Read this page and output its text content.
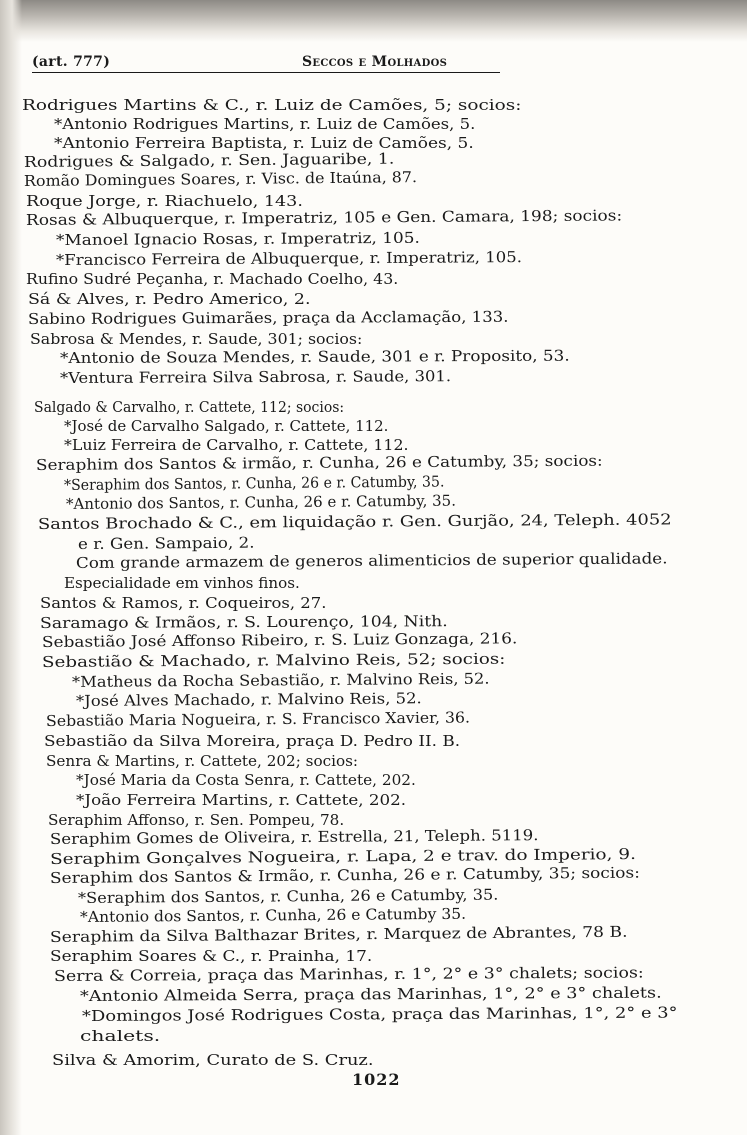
(art. 777)	Seccos e Molhados
Rodrigues Martins & C., r. Luiz de Camões, 5; socios:
*Antonio Rodrigues Martins, r. Luiz de Camões, 5.
*Antonio Ferreira Baptista, r. Luiz de Camões, 5.
Rodrigues & Salgado, r. Sen. Jaguaribe, 1.
Romão Domingues Soares, r. Visc. de Itaúna, 87.
Roque Jorge, r. Riachuelo, 143.
Rosas & Albuquerque, r. Imperatriz, 105 e Gen. Camara, 198; socios:
*Manoel Ignacio Rosas, r. Imperatriz, 105.
*Francisco Ferreira de Albuquerque, r. Imperatriz, 105.
Rufino Sudré Peçanha, r. Machado Coelho, 43.
Sá & Alves, r. Pedro Americo, 2.
Sabino Rodrigues Guimarães, praça da Acclamação, 133.
Sabrosa & Mendes, r. Saude, 301; socios:
*Antonio de Souza Mendes, r. Saude, 301 e r. Proposito, 53.
*Ventura Ferreira Silva Sabrosa, r. Saude, 301.
Salgado & Carvalho, r. Cattete, 112; socios:
*José de Carvalho Salgado, r. Cattete, 112.
*Luiz Ferreira de Carvalho, r. Cattete, 112.
Seraphim dos Santos & irmão, r. Cunha, 26 e Catumby, 35; socios:
*Seraphim dos Santos, r. Cunha, 26 e r. Catumby, 35.
*Antonio dos Santos, r. Cunha, 26 e r. Catumby, 35.
Santos Brochado & C., em liquidação r. Gen. Gurjão, 24, Teleph. 4052
e r. Gen. Sampaio, 2.
Com grande armazem de generos alimenticios de superior qualidade.
Especialidade em vinhos finos.
Santos & Ramos, r. Coqueiros, 27.
Saramago & Irmãos, r. S. Lourenço, 104, Nith.
Sebastião José Affonso Ribeiro, r. S. Luiz Gonzaga, 216.
Sebastião & Machado, r. Malvino Reis, 52; socios:
*Matheus da Rocha Sebastião, r. Malvino Reis, 52.
*José Alves Machado, r. Malvino Reis, 52.
Sebastião Maria Nogueira, r. S. Francisco Xavier, 36.
Sebastião da Silva Moreira, praça D. Pedro II. B.
Senra & Martins, r. Cattete, 202; socios:
*José Maria da Costa Senra, r. Cattete, 202.
*João Ferreira Martins, r. Cattete, 202.
Seraphim Affonso, r. Sen. Pompeu, 78.
Seraphim Gomes de Oliveira, r. Estrella, 21, Teleph. 5119.
Seraphim Gonçalves Nogueira, r. Lapa, 2 e trav. do Imperio, 9.
Seraphim dos Santos & Irmão, r. Cunha, 26 e r. Catumby, 35; socios:
*Seraphim dos Santos, r. Cunha, 26 e Catumby, 35.
*Antonio dos Santos, r. Cunha, 26 e Catumby 35.
Seraphim da Silva Balthazar Brites, r. Marquez de Abrantes, 78 B.
Seraphim Soares & C., r. Prainha, 17.
Serra & Correia, praça das Marinhas, r. 1°, 2° e 3° chalets; socios:
*Antonio Almeida Serra, praça das Marinhas, 1°, 2° e 3° chalets.
*Domingos José Rodrigues Costa, praça das Marinhas, 1°, 2° e 3°
chalets.
Silva & Amorim, Curato de S. Cruz.
1022
